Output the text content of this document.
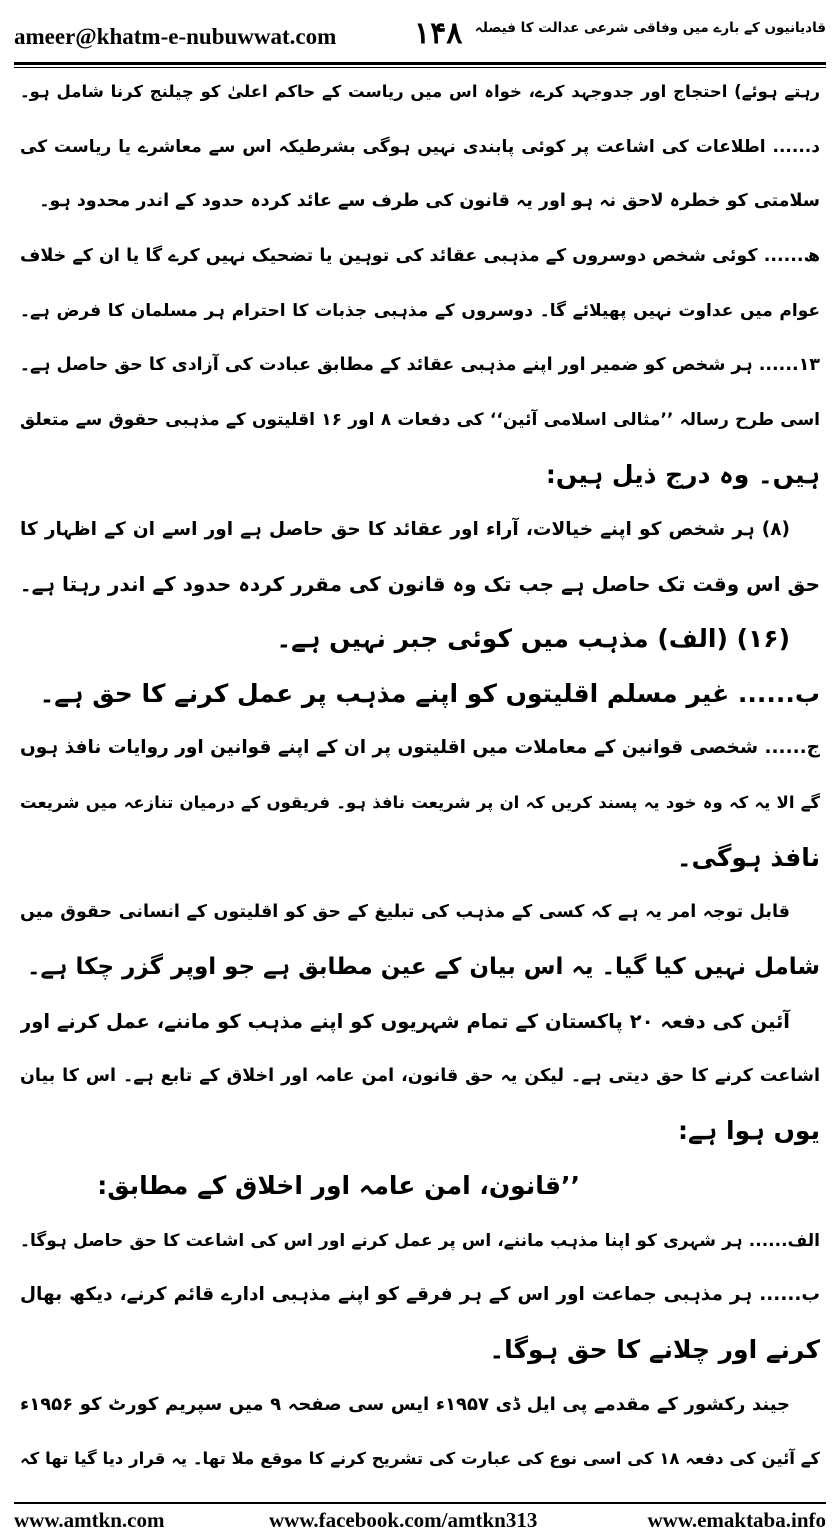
ameer@khatm-e-nubuwwat.com	۱۴۸ قادیانیوں کے بارے میں وفاقی شرعی عدالت کا فیصلہ
رہتے ہوئے) احتجاج اور جدوجہد کرے، خواہ اس میں ریاست کے حاکم اعلیٰ کو چیلنج کرنا شامل ہو۔
د...... اطلاعات کی اشاعت پر کوئی پابندی نہیں ہوگی بشرطیکہ اس سے معاشرے یا ریاست کی
سلامتی کو خطرہ لاحق نہ ہو اور یہ قانون کی طرف سے عائد کردہ حدود کے اندر محدود ہو۔
ھ...... کوئی شخص دوسروں کے مذہبی عقائد کی توہین یا تضحیک نہیں کرے گا یا ان کے خلاف
عوام میں عداوت نہیں پھیلائے گا۔ دوسروں کے مذہبی جذبات کا احترام ہر مسلمان کا فرض ہے۔
۱۳...... ہر شخص کو ضمیر اور اپنے مذہبی عقائد کے مطابق عبادت کی آزادی کا حق حاصل ہے۔
اسی طرح رسالہ ’’مثالی اسلامی آئین‘‘ کی دفعات ۸ اور ۱۶ اقلیتوں کے مذہبی حقوق سے متعلق
ہیں۔ وہ درج ذیل ہیں:
(۸) ہر شخص کو اپنے خیالات، آراء اور عقائد کا حق حاصل ہے اور اسے ان کے اظہار کا
حق اس وقت تک حاصل ہے جب تک وہ قانون کی مقرر کردہ حدود کے اندر رہتا ہے۔
(۱۶) (الف) مذہب میں کوئی جبر نہیں ہے۔
ب...... غیر مسلم اقلیتوں کو اپنے مذہب پر عمل کرنے کا حق ہے۔
ج...... شخصی قوانین کے معاملات میں اقلیتوں پر ان کے اپنے قوانین اور روایات نافذ ہوں
گے الا یہ کہ وہ خود یہ پسند کریں کہ ان پر شریعت نافذ ہو۔ فریقوں کے درمیان تنازعہ میں شریعت
نافذ ہوگی۔
قابل توجہ امر یہ ہے کہ کسی کے مذہب کی تبلیغ کے حق کو اقلیتوں کے انسانی حقوق میں
شامل نہیں کیا گیا۔ یہ اس بیان کے عین مطابق ہے جو اوپر گزر چکا ہے۔
آئین کی دفعہ ۲۰ پاکستان کے تمام شہریوں کو اپنے مذہب کو ماننے، عمل کرنے اور
اشاعت کرنے کا حق دیتی ہے۔ لیکن یہ حق قانون، امن عامہ اور اخلاق کے تابع ہے۔ اس کا بیان
یوں ہوا ہے:
’’قانون، امن عامہ اور اخلاق کے مطابق:
الف...... ہر شہری کو اپنا مذہب ماننے، اس پر عمل کرنے اور اس کی اشاعت کا حق حاصل ہوگا۔
ب...... ہر مذہبی جماعت اور اس کے ہر فرقے کو اپنے مذہبی ادارے قائم کرنے، دیکھ بھال
کرنے اور چلانے کا حق ہوگا۔
جیند رکشور کے مقدمے پی ایل ڈی ۱۹۵۷ء ایس سی صفحہ ۹ میں سپریم کورٹ کو ۱۹۵۶ء
کے آئین کی دفعہ ۱۸ کی اسی نوع کی عبارت کی تشریح کرنے کا موقع ملا تھا۔ یہ قرار دیا گیا تھا کہ
www.amtkn.com	www.facebook.com/amtkn313	www.emaktaba.info
